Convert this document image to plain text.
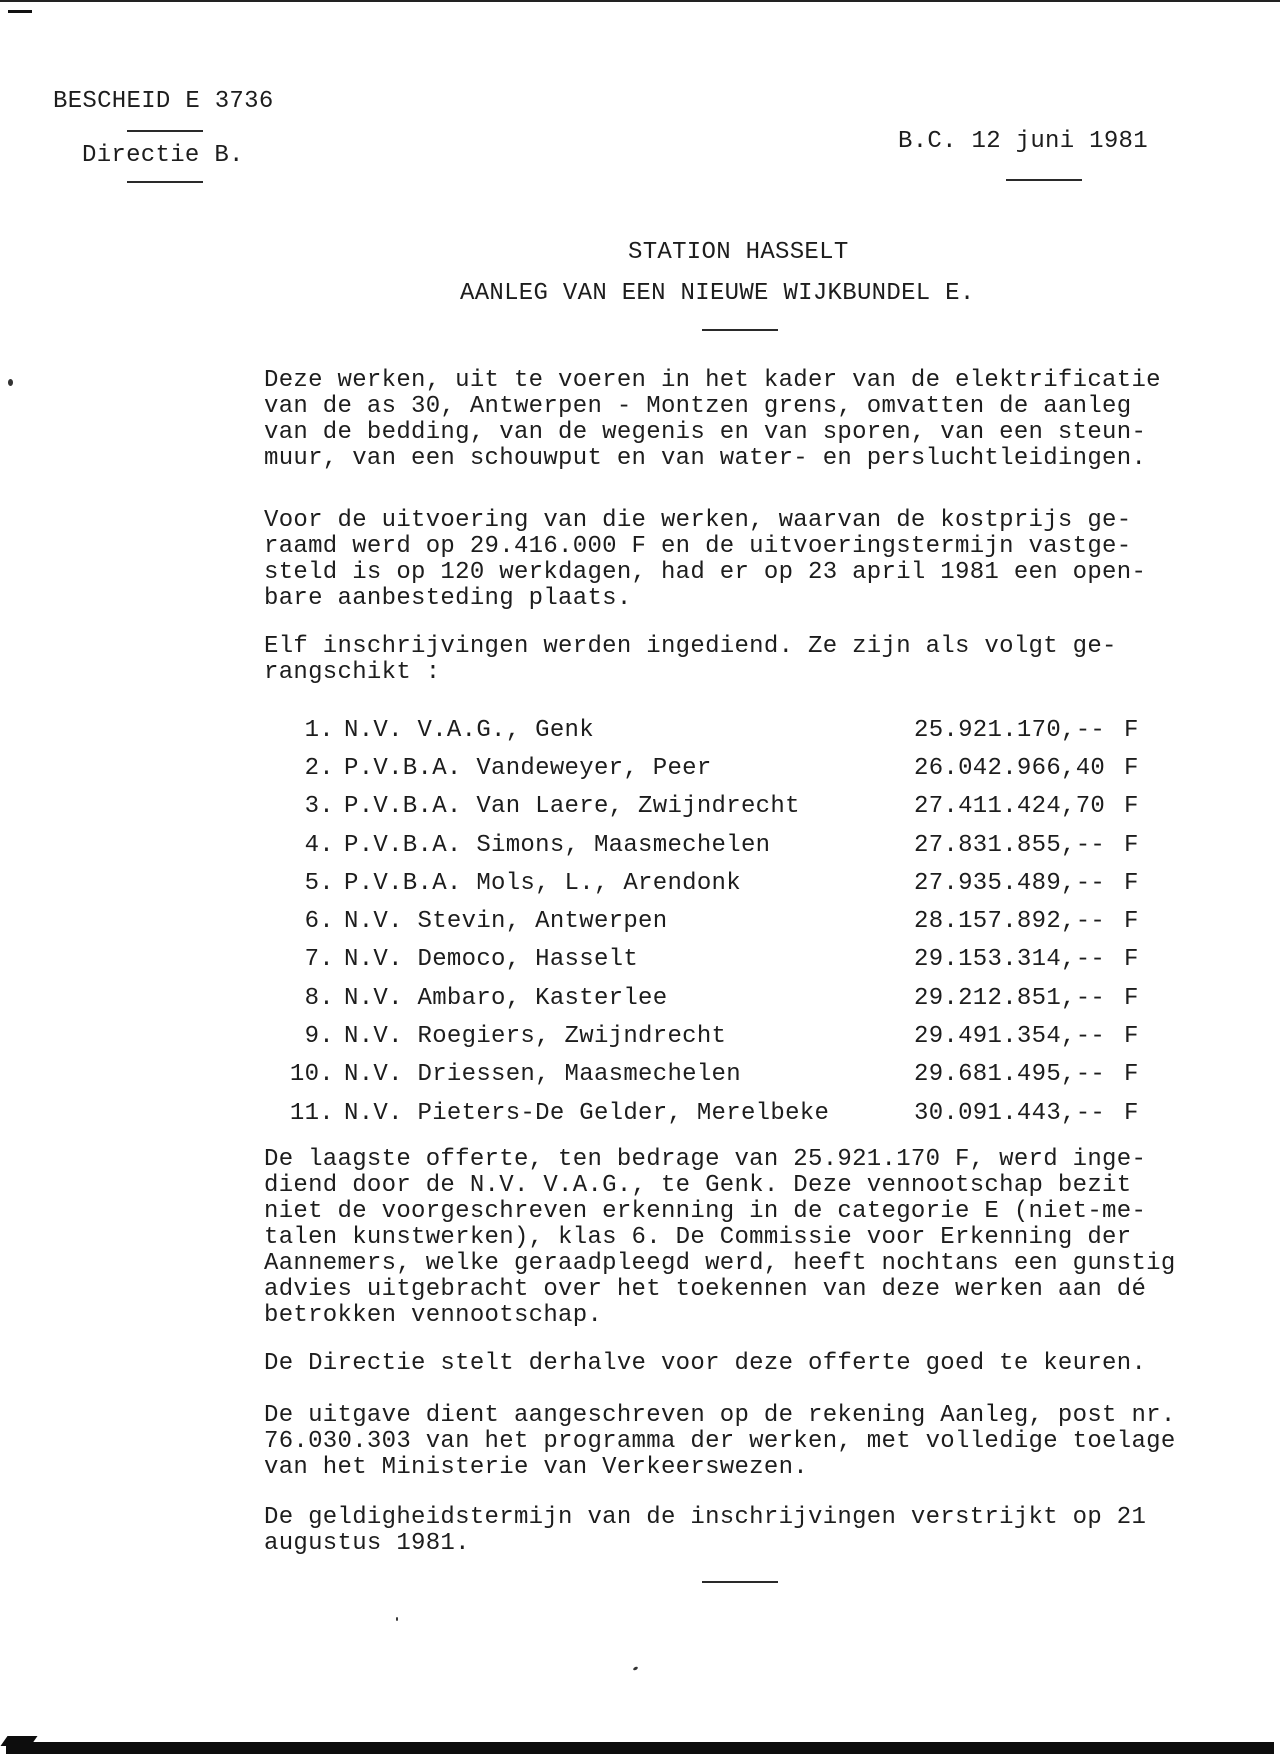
BESCHEID E 3736
Directie B.
B.C. 12 juni 1981
STATION HASSELT
AANLEG VAN EEN NIEUWE WIJKBUNDEL E.
Deze werken, uit te voeren in het kader van de elektrificatie
van de as 30, Antwerpen - Montzen grens, omvatten de aanleg
van de bedding, van de wegenis en van sporen, van een steun-
muur, van een schouwput en van water- en persluchtleidingen.
Voor de uitvoering van die werken, waarvan de kostprijs ge-
raamd werd op 29.416.000 F en de uitvoeringstermijn vastge-
steld is op 120 werkdagen, had er op 23 april 1981 een open-
bare aanbesteding plaats.
Elf inschrijvingen werden ingediend. Ze zijn als volgt ge-
rangschikt :
1.	N.V. V.A.G., Genk	25.921.170,--	F
2.	P.V.B.A. Vandeweyer, Peer	26.042.966,40	F
3.	P.V.B.A. Van Laere, Zwijndrecht	27.411.424,70	F
4.	P.V.B.A. Simons, Maasmechelen	27.831.855,--	F
5.	P.V.B.A. Mols, L., Arendonk	27.935.489,--	F
6.	N.V. Stevin, Antwerpen	28.157.892,--	F
7.	N.V. Democo, Hasselt	29.153.314,--	F
8.	N.V. Ambaro, Kasterlee	29.212.851,--	F
9.	N.V. Roegiers, Zwijndrecht	29.491.354,--	F
10.	N.V. Driessen, Maasmechelen	29.681.495,--	F
11.	N.V. Pieters-De Gelder, Merelbeke	30.091.443,--	F
De laagste offerte, ten bedrage van 25.921.170 F, werd inge-
diend door de N.V. V.A.G., te Genk. Deze vennootschap bezit
niet de voorgeschreven erkenning in de categorie E (niet-me-
talen kunstwerken), klas 6. De Commissie voor Erkenning der
Aannemers, welke geraadpleegd werd, heeft nochtans een gunstig
advies uitgebracht over het toekennen van deze werken aan dé
betrokken vennootschap.
De Directie stelt derhalve voor deze offerte goed te keuren.
De uitgave dient aangeschreven op de rekening Aanleg, post nr.
76.030.303 van het programma der werken, met volledige toelage
van het Ministerie van Verkeerswezen.
De geldigheidstermijn van de inschrijvingen verstrijkt op 21
augustus 1981.
